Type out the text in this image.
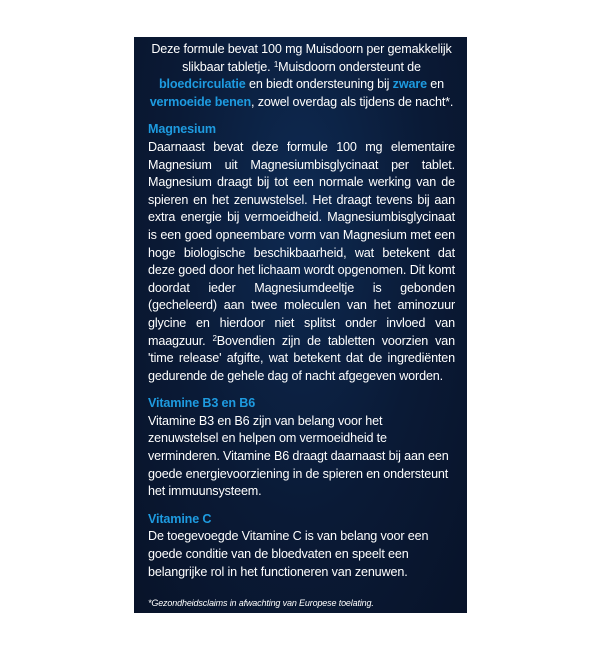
Deze formule bevat 100 mg Muisdoorn per gemakkelijk slikbaar tabletje. $^1$Muisdoorn ondersteunt de bloedcirculatie en biedt ondersteuning bij zware en vermoeide benen, zowel overdag als tijdens de nacht*.

Magnesium

Daarnaast bevat deze formule 100 mg elementaire Magnesium uit Magnesiumbisglycinaat per tablet. Magnesium draagt bij tot een normale werking van de spieren en het zenuwstelsel. Het draagt tevens bij aan extra energie bij vermoeidheid. Magnesiumbisglycinaat is een goed opneembare vorm van Magnesium met een hoge biologische beschikbaarheid, wat betekent dat deze goed door het lichaam wordt opgenomen. Dit komt doordat ieder Magnesiumdeeltje is gebonden (gecheleerd) aan twee moleculen van het aminozuur glycine en hierdoor niet splitst onder invloed van maagzuur. $^2$Bovendien zijn de tabletten voorzien van 'time release' afgifte, wat betekent dat de ingrediënten gedurende de gehele dag of nacht afgegeven worden.

Vitamine B3 en B6

Vitamine B3 en B6 zijn van belang voor het zenuwstelsel en helpen om vermoeidheid te verminderen. Vitamine B6 draagt daarnaast bij aan een goede energievoorziening in de spieren en ondersteunt het immuunsysteem.

Vitamine C

De toegevoegde Vitamine C is van belang voor een goede conditie van de bloedvaten en speelt een belangrijke rol in het functioneren van zenuwen.

*Gezondheidsclaims in afwachting van Europese toelating.
